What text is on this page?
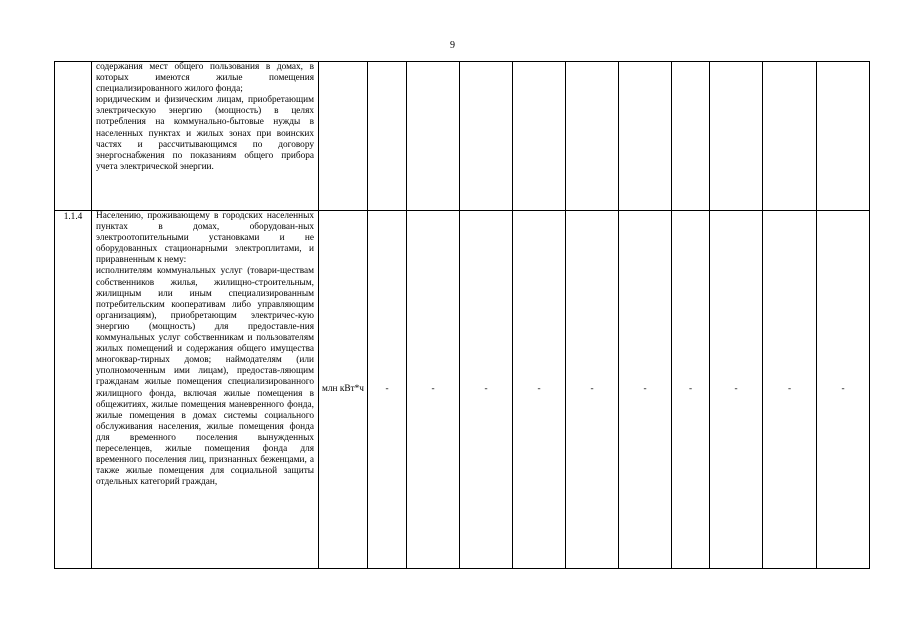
9

	содержания мест общего пользования в домах, в которых имеются жилые помещения специализированного жилого фонда;
юридическим и физическим лицам, приобретающим электрическую энергию (мощность) в целях потребления на коммунально-бытовые нужды в населенных пунктах и жилых зонах при воинских частях и рассчитывающимся по договору энергоснабжения по показаниям общего прибора учета электрической энергии.											

1.1.4	Населению, проживающему в городских населенных пунктах в домах, оборудован-ных электроотопительными установками и не оборудованных стационарными электроплитами, и приравненным к нему:
исполнителям коммунальных услуг (товари-ществам собственников жилья, жилищно-строительным, жилищным или иным специализированным потребительским кооперативам либо управляющим организациям), приобретающим электричес-кую энергию (мощность) для предоставле-ния коммунальных услуг собственникам и пользователям жилых помещений и содержания общего имущества многоквар-тирных домов; наймодателям (или уполномоченным ими лицам), предостав-ляющим гражданам жилые помещения специализированного жилищного фонда, включая жилые помещения в общежитиях, жилые помещения маневренного фонда, жилые помещения в домах системы социального обслуживания населения, жилые помещения фонда для временного поселения вынужденных переселенцев, жилые помещения фонда для временного поселения лиц, признанных беженцами, а также жилые помещения для социальной защиты отдельных категорий граждан,	млн кВт*ч	-	-	-	-	-	-	-	-	-	-
